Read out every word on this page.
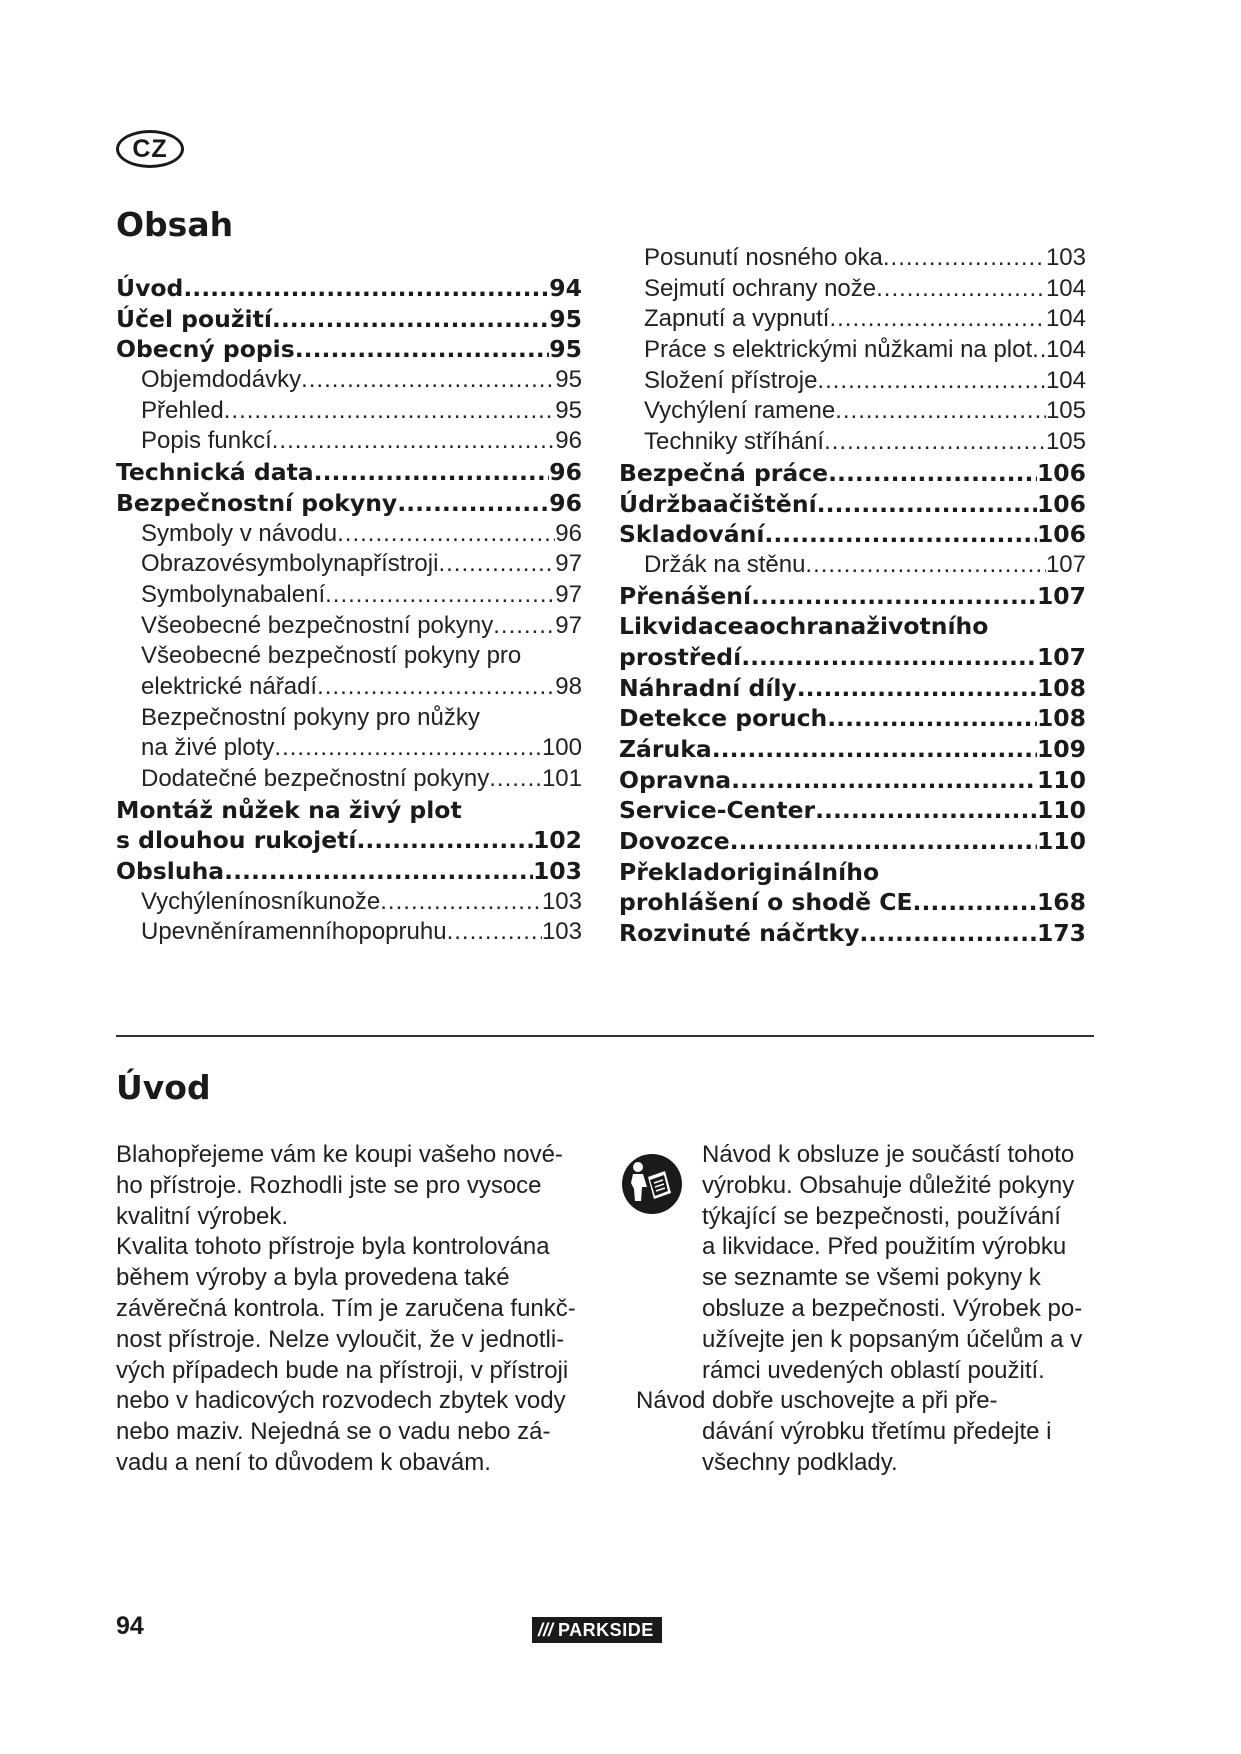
CZ
Obsah
Úvod .....	94
Účel použití .....	95
Obecný popis .....	95
Objemdodávky .....	95
Přehled .....	95
Popis funkcí .....	96
Technická data .....	96
Bezpečnostní pokyny .....	96
Symboly v návodu .....	96
Obrazovésymbolynapřístroji .....	97
Symbolynabalení .....	97
Všeobecné bezpečnostní pokyny .....	97
Všeobecné bezpečností pokyny pro
elektrické nářadí .....	98
Bezpečnostní pokyny pro nůžky
na živé ploty .....	100
Dodatečné bezpečnostní pokyny ..... 101
Montáž nůžek na živý plot
s dlouhou rukojetí .....	102
Obsluha .....	103
Vychýlenínosníkunože .....	103
Upevněníramenníhopopruhu .....	103
Posunutí nosného oka .....	103
Sejmutí ochrany nože .....	104
Zapnutí a vypnutí .....	104
Práce s elektrickými nůžkami na plot ..... 104
Složení přístroje .....	104
Vychýlení ramene .....	105
Techniky stříhání .....	105
Bezpečná práce .....	106
Údržbaačištění .....	106
Skladování .....	106
Držák na stěnu .....	107
Přenášení .....	107
Likvidaceaochranaživotního
prostředí .....	107
Náhradní díly .....	108
Detekce poruch .....	108
Záruka .....	109
Opravna .....	110
Service-Center .....	110
Dovozce .....	110
Překladoriginálního
prohlášení o shodě CE .....	168
Rozvinuté náčrtky .....	173
Úvod

Blahopřejeme vám ke koupi vašeho nové-

ho přístroje. Rozhodli jste se pro vysoce

kvalitní výrobek.

Kvalita tohoto přístroje byla kontrolována

během výroby a byla provedena také

závěrečná kontrola. Tím je zaručena funkč-

nost přístroje. Nelze vyloučit, že v jednotli-

vých případech bude na přístroji, v přístroji

nebo v hadicových rozvodech zbytek vody

nebo maziv. Nejedná se o vadu nebo zá-

vadu a není to důvodem k obavám.

Návod k obsluze je součástí tohoto

výrobku. Obsahuje důležité pokyny

týkající se bezpečnosti, používání

a likvidace. Před použitím výrobku

se seznamte se všemi pokyny k

obsluze a bezpečnosti. Výrobek po-

užívejte jen k popsaným účelům a v

rámci uvedených oblastí použití.

Návod dobře uschovejte a při pře-

dávání výrobku třetímu předejte i

všechny podklady.

94	/// PARKSIDE
